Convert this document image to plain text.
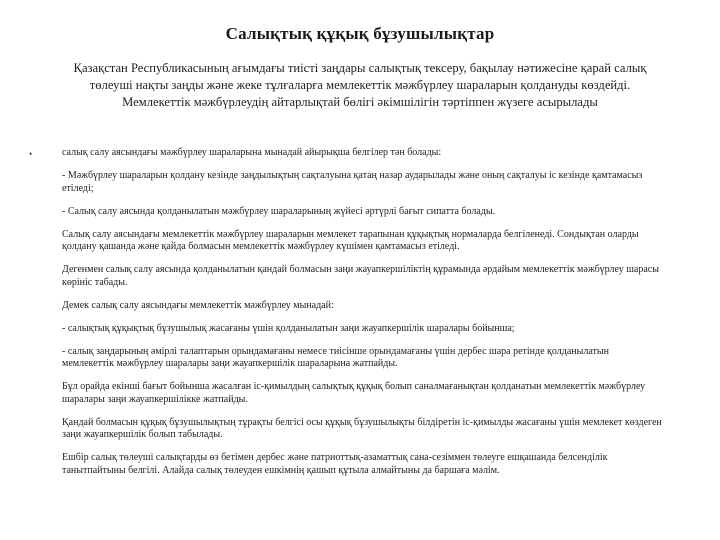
Салықтық құқық бұзушылықтар
Қазақстан Республикасының ағымдағы тиісті заңдары салықтық тексеру, бақылау нәтижесіне қарай салық төлеуші нақты заңды және жеке тұлғаларға мемлекеттік мәжбүрлеу шараларын қолдануды көздейді. Мемлекеттік мәжбүрлеудің айтарлықтай бөлігі әкімшілігін тәртіппен жүзеге асырылады
•	салық салу аясындағы мәжбүрлеу шараларына мынадай айырықша белгілер тән болады:

- Мәжбүрлеу шараларын қолдану кезінде заңдылықтың сақталуына қатаң назар аударылады және оның сақталуы іс кезінде қамтамасыз етіледі;

- Салық салу аясында қолданылатын мәжбүрлеу шараларының жүйесі әртүрлі бағыт сипатта болады.

Салық салу аясындағы мемлекеттік мәжбүрлеу шараларын мемлекет тарапынан құқықтық нормаларда белгіленеді. Сондықтан оларды қолдану қашанда және қайда болмасын мемлекеттік мәжбүрлеу күшімен қамтамасыз етіледі.

Дегенмен салық салу аясында қолданылатын қандай болмасын заңи жауапкершіліктің құрамында әрдайым мемлекеттік мәжбүрлеу шарасы көрініс табады.

Демек салық салу аясындағы мемлекеттік мәжбүрлеу мынадай:

- салықтық құқықтық бұзушылық жасағаны үшін қолданылатын заңи жауапкершілік шаралары бойынша;

- салық заңдарының әмірлі талаптарын орындамағаны немесе тиісінше орындамағаны үшін дербес шара ретінде қолданылатын мемлекеттік мәжбүрлеу шаралары заңи жауапкершілік шараларына жатпайды.

Бұл орайда екінші бағыт бойынша жасалған іс-қимылдың салықтық құқық болып саналмағанықтан қолданатын мемлекеттік мәжбүрлеу шаралары заңи жауапкершілікке жатпайды.

Қандай болмасын құқық бұзушылықтың тұрақты белгісі осы құқық бұзушылықты білдіретін іс-қимылды жасағаны үшін мемлекет көздеген заңи жауапкершілік болып табылады.

Ешбір салық төлеуші салықтарды өз бетімен дербес және патриоттық-азаматтық сана-сезіммен төлеуге ешқашанда белсенділік танытпайтыны белгілі. Алайда салық төлеуден ешкімнің қашып құтыла алмайтыны да баршаға мәлім.
